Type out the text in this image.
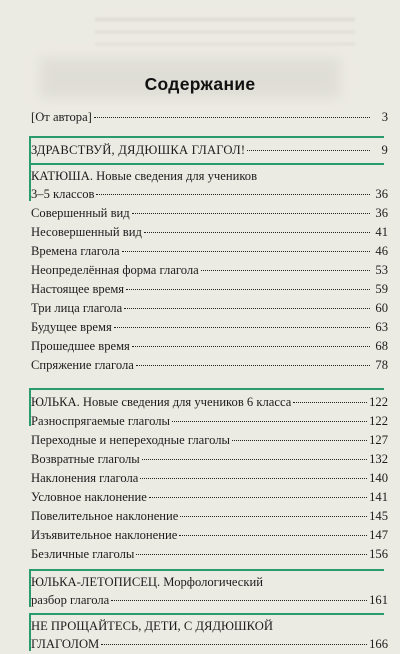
Содержание
[От автора]	3
ЗДРАВСТВУЙ, ДЯДЮШКА ГЛАГОЛ!	9
КАТЮША. Новые сведения для учеников
3–5 классов	36
Совершенный вид	36
Несовершенный вид	41
Времена глагола	46
Неопределённая форма глагола	53
Настоящее время	59
Три лица глагола	60
Будущее время	63
Прошедшее время	68
Спряжение глагола	78
ЮЛЬКА. Новые сведения для учеников 6 класса	122
Разноспрягаемые глаголы	122
Переходные и непереходные глаголы	127
Возвратные глаголы	132
Наклонения глагола	140
Условное наклонение	141
Повелительное наклонение	145
Изъявительное наклонение	147
Безличные глаголы	156
ЮЛЬКА-ЛЕТОПИСЕЦ. Морфологический
разбор глагола	161
НЕ ПРОЩАЙТЕСЬ, ДЕТИ, С ДЯДЮШКОЙ
ГЛАГОЛОМ	166
